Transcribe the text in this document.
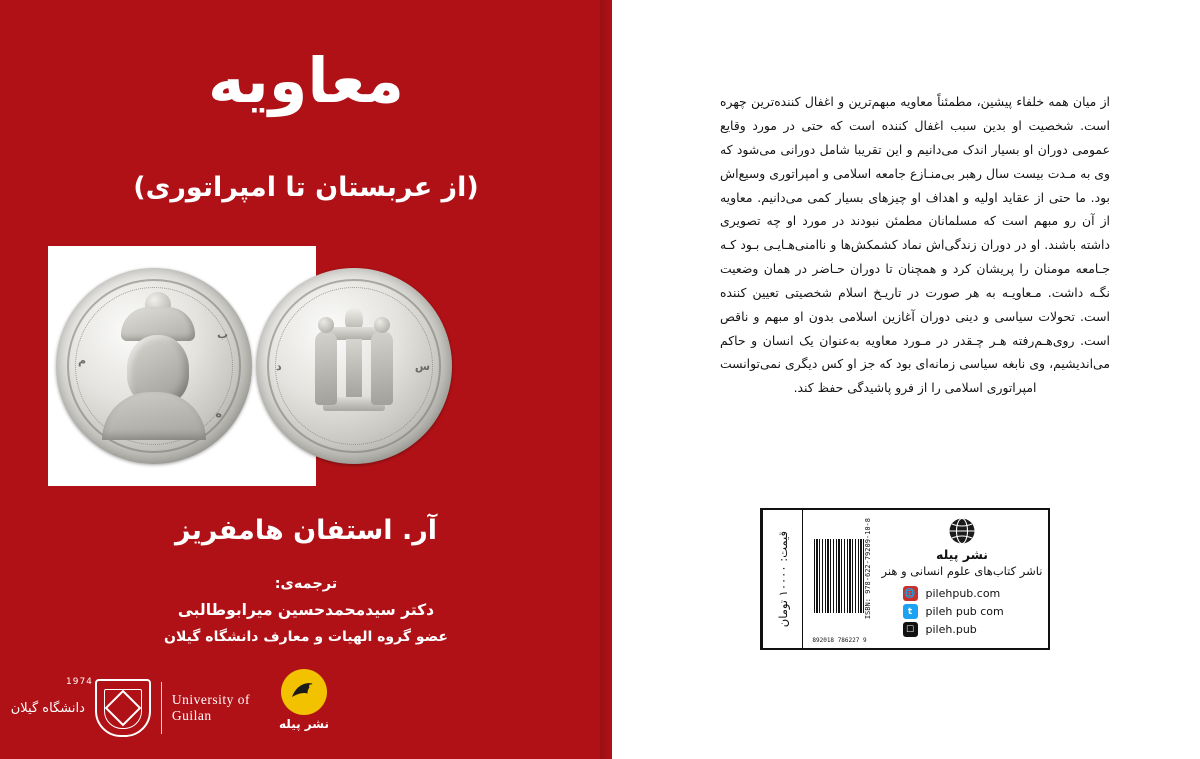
از میان همه خلفاء پیشین، مطمئناً معاویه مبهم‌ترین و اغفال کننده‌ترین چهره است. شخصیت او بدین سبب اغفال کننده است که حتی در مورد وقایع عمومی دوران او بسیار اندک می‌دانیم و این تقریبا شامل دورانی می‌شود که وی به مـدت بیست سال رهبر بی‌منـازع جامعه اسلامی و امپراتوری وسیع‌اش بود. ما حتی از عقاید اولیه و اهداف او چیزهای بسیار کمی می‌دانیم. معاویه از آن رو مبهم است که مسلمانان مطمئن نبودند در مورد او چه تصویری داشته باشند. او در دوران زندگی‌اش نماد کشمکش‌ها و ناامنی‌هـایـی بـود کـه جـامعه مومنان را پریشان کرد و همچنان تا دوران حـاضر در همان وضعیت نگـه داشت. مـعاویـه به هر صورت در تاریـخ اسلام شخصیتی تعیین کننده است. تحولات سیاسی و دینی دوران آغازین اسلامی بدون او مبهم و ناقص است. روی‌هـم‌رفته هـر چـقدر در مـورد معاویه به‌عنوان یک انسان و حاکم می‌اندیشیم، وی نابغه سیاسی زمانه‌ای بود که جز او کس دیگری نمی‌توانست امپراتوری اسلامی را از فرو پاشیدگی حفظ کند.

نشر پیله
ناشر کتاب‌های علوم انسانی و هنر
🌐 pilehpub.com
t	pileh pub com
☐	pileh.pub
ISBN: 978-622-79209-10-8
9 786227 892018
قیمت: ۱۰۰۰۰ تومان
معاویه
(از عربستان تا امپراتوری)
ﻡ
ﺏ
ﻩ
ﺩ	ﺱ
آر. استفان هامفریز
ترجمه‌ی:
دکتر سیدمحمدحسین میرابوطالبی
عضو گروه الهیات و معارف دانشگاه گیلان
University of
Guilan
دانشگاه گیلان
1974
نشر پیله
